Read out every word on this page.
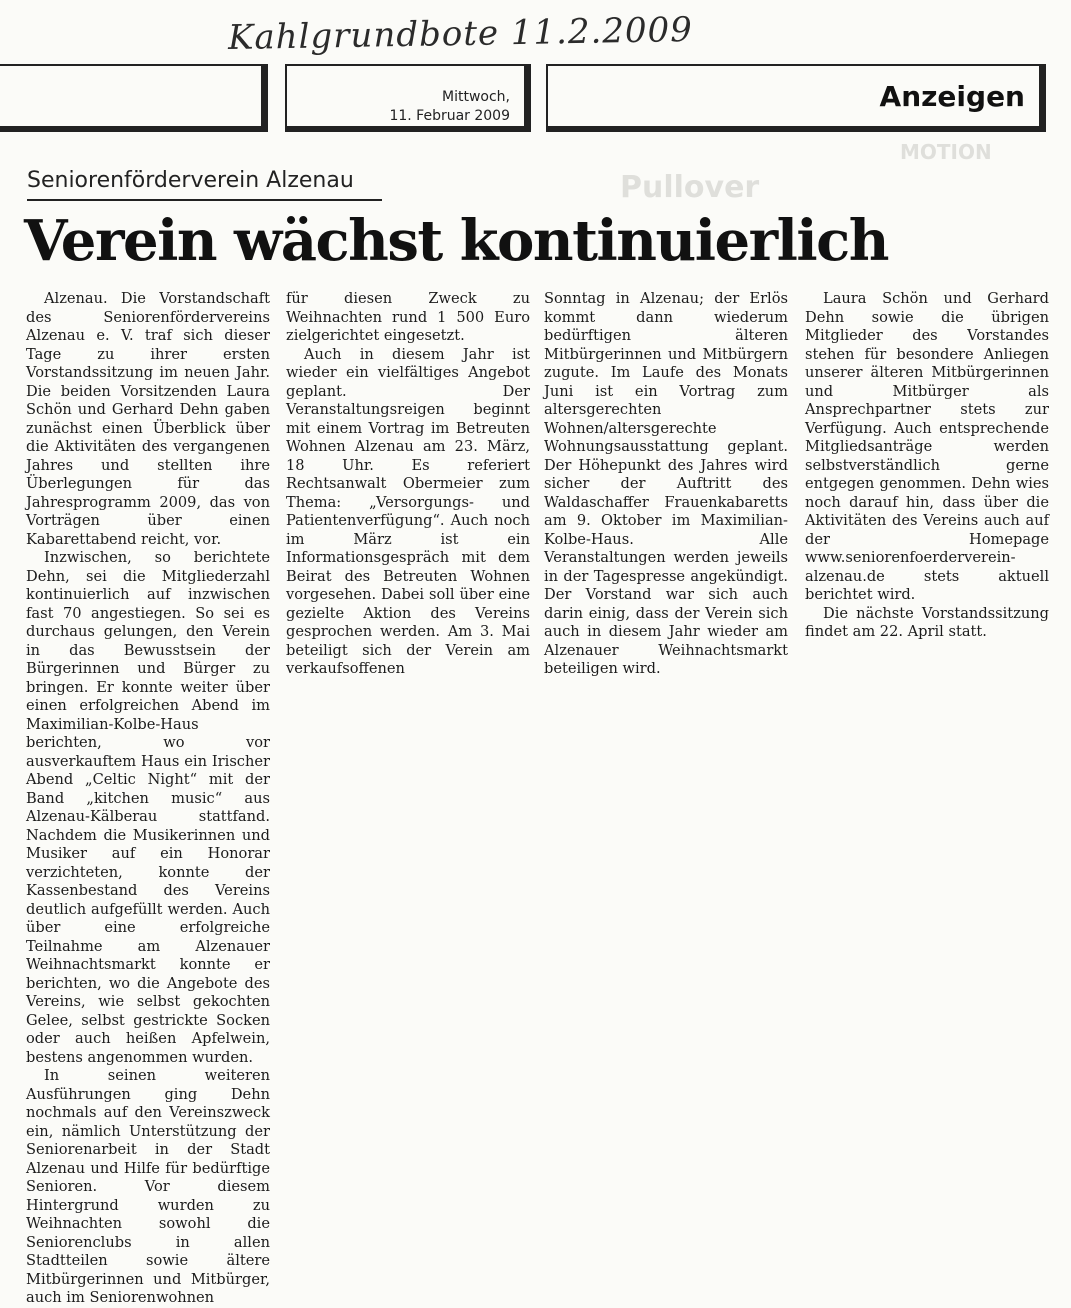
MOTION
Pullover
Kahlgrundbote 11.2.2009
Mittwoch,
11. Februar 2009
Anzeigen
Seniorenförderverein Alzenau
Verein wächst kontinuierlich

Alzenau. Die Vorstandschaft des Seniorenfördervereins Alzenau e. V. traf sich dieser Tage zu ihrer ersten Vorstandssitzung im neuen Jahr. Die beiden Vorsitzenden Laura Schön und Gerhard Dehn gaben zunächst einen Überblick über die Aktivitäten des vergangenen Jahres und stellten ihre Überlegungen für das Jahresprogramm 2009, das von Vorträgen über einen Kabarettabend reicht, vor.

Inzwischen, so berichtete Dehn, sei die Mitgliederzahl kontinuierlich auf inzwischen fast 70 angestiegen. So sei es durchaus gelungen, den Verein in das Bewusstsein der Bürgerinnen und Bürger zu bringen. Er konnte weiter über einen erfolgreichen Abend im Maximilian-Kolbe-Haus berichten, wo vor ausverkauftem Haus ein Irischer Abend „Celtic Night“ mit der Band „kitchen music“ aus Alzenau-Kälberau stattfand. Nachdem die Musikerinnen und Musiker auf ein Honorar verzichteten, konnte der Kassenbestand des Vereins deutlich aufgefüllt werden. Auch über eine erfolgreiche Teilnahme am Alzenauer Weihnachtsmarkt konnte er berichten, wo die Angebote des Vereins, wie selbst gekochten Gelee, selbst gestrickte Socken oder auch heißen Apfelwein, bestens angenommen wurden.

In seinen weiteren Ausführungen ging Dehn nochmals auf den Vereinszweck ein, nämlich Unterstützung der Seniorenarbeit in der Stadt Alzenau und Hilfe für bedürftige Senioren. Vor diesem Hintergrund wurden zu Weihnachten sowohl die Seniorenclubs in allen Stadtteilen sowie ältere Mitbürgerinnen und Mitbürger, auch im Seniorenwohnen

für diesen Zweck zu Weihnachten rund 1 500 Euro zielgerichtet eingesetzt.

Auch in diesem Jahr ist wieder ein vielfältiges Angebot geplant. Der Veranstaltungsreigen beginnt mit einem Vortrag im Betreuten Wohnen Alzenau am 23. März, 18 Uhr. Es referiert Rechtsanwalt Obermeier zum Thema: „Versorgungs- und Patientenverfügung“. Auch noch im März ist ein Informationsgespräch mit dem Beirat des Betreuten Wohnen vorgesehen. Dabei soll über eine gezielte Aktion des Vereins gesprochen werden. Am 3. Mai beteiligt sich der Verein am verkaufsoffenen

Sonntag in Alzenau; der Erlös kommt dann wiederum bedürftigen älteren Mitbürgerinnen und Mitbürgern zugute. Im Laufe des Monats Juni ist ein Vortrag zum altersgerechten Wohnen/altersgerechte Wohnungsausstattung geplant. Der Höhepunkt des Jahres wird sicher der Auftritt des Waldaschaffer Frauenkabaretts am 9. Oktober im Maximilian-Kolbe-Haus. Alle Veranstaltungen werden jeweils in der Tagespresse angekündigt. Der Vorstand war sich auch darin einig, dass der Verein sich auch in diesem Jahr wieder am Alzenauer Weihnachtsmarkt beteiligen wird.

Laura Schön und Gerhard Dehn sowie die übrigen Mitglieder des Vorstandes stehen für besondere Anliegen unserer älteren Mitbürgerinnen und Mitbürger als Ansprechpartner stets zur Verfügung. Auch entsprechende Mitgliedsanträge werden selbstverständlich gerne entgegen genommen. Dehn wies noch darauf hin, dass über die Aktivitäten des Vereins auch auf der Homepage www.seniorenfoerderverein-alzenau.de stets aktuell berichtet wird.

Die nächste Vorstandssitzung findet am 22. April statt.
